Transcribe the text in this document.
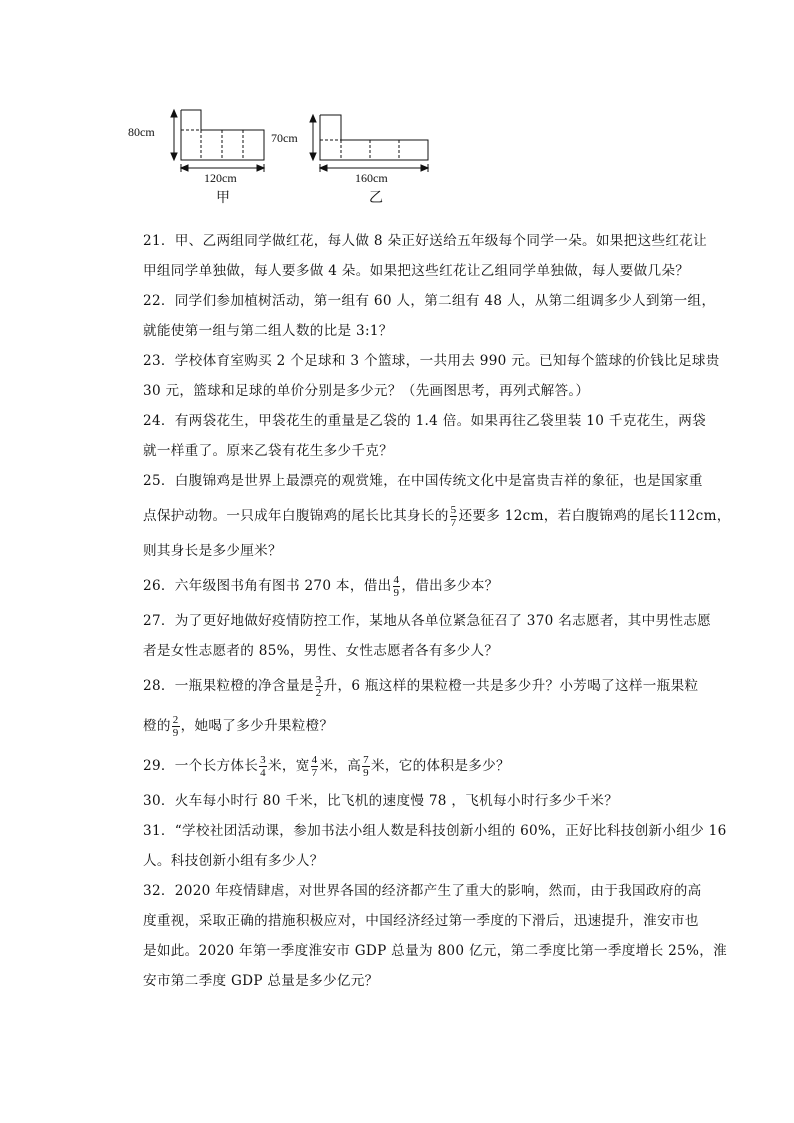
80cm
120cm
甲
70cm
160cm
乙
21．甲、乙两组同学做红花，每人做 8 朵正好送给五年级每个同学一朵。如果把这些红花让
甲组同学单独做，每人要多做 4 朵。如果把这些红花让乙组同学单独做，每人要做几朵？
22．同学们参加植树活动，第一组有 60 人，第二组有 48 人，从第二组调多少人到第一组，
就能使第一组与第二组人数的比是 3:1？
23．学校体育室购买 2 个足球和 3 个篮球，一共用去 990 元。已知每个篮球的价钱比足球贵
30 元，篮球和足球的单价分别是多少元？（先画图思考，再列式解答。）
24．有两袋花生，甲袋花生的重量是乙袋的 1.4 倍。如果再往乙袋里装 10 千克花生，两袋
就一样重了。原来乙袋有花生多少千克？
25．白腹锦鸡是世界上最漂亮的观赏雉，在中国传统文化中是富贵吉祥的象征，也是国家重
点保护动物。一只成年白腹锦鸡的尾长比其身长的 $\frac{5}{7}$ 还要多 12cm，若白腹锦鸡的尾长112cm，
则其身长是多少厘米？
26．六年级图书角有图书 270 本，借出 $\frac{4}{9}$ ，借出多少本？
27．为了更好地做好疫情防控工作，某地从各单位紧急征召了 370 名志愿者，其中男性志愿
者是女性志愿者的 85%，男性、女性志愿者各有多少人？
28．一瓶果粒橙的净含量是 $\frac{3}{2}$ 升，6 瓶这样的果粒橙一共是多少升？小芳喝了这样一瓶果粒
橙的 $\frac{2}{9}$ ，她喝了多少升果粒橙？
29．一个长方体长 $\frac{3}{4}$ 米，宽 $\frac{4}{7}$ 米，高 $\frac{7}{9}$ 米，它的体积是多少？
30．火车每小时行 80 千米，比飞机的速度慢 78 ，飞机每小时行多少千米？
31．“学校社团活动课，参加书法小组人数是科技创新小组的 60%，正好比科技创新小组少 16
人。科技创新小组有多少人？
32．2020 年疫情肆虐，对世界各国的经济都产生了重大的影响，然而，由于我国政府的高
度重视，采取正确的措施积极应对，中国经济经过第一季度的下滑后，迅速提升，淮安市也
是如此。2020 年第一季度淮安市 GDP 总量为 800 亿元，第二季度比第一季度增长 25%，淮
安市第二季度 GDP 总量是多少亿元？
